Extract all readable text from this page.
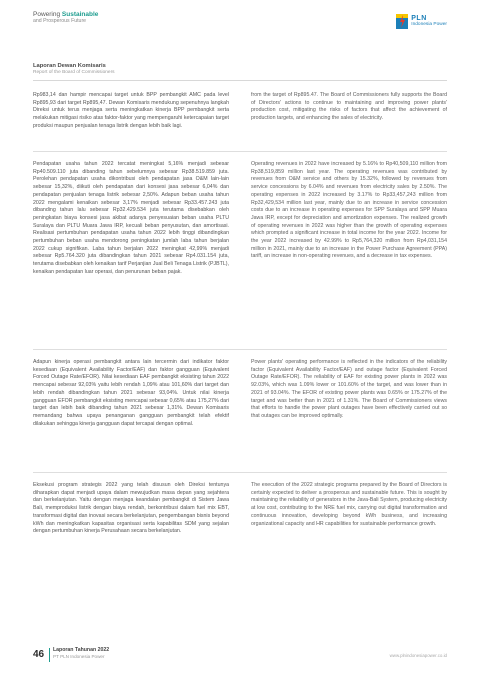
Powering Sustainable
and Prosperous Future	PLN
Indonesia Power
Laporan Dewan Komisaris
Report of the Board of Commissioners

Rp983,14 dan hampir mencapai target untuk BPP pembangkit AMC pada level Rp895,93 dari target Rp895,47. Dewan Komisaris mendukung sepenuhnya langkah Direksi untuk terus menjaga serta meningkatkan kinerja BPP pembangkit serta melakukan mitigasi risiko atas faktor-faktor yang mempengaruhi ketercapaian target produksi maupun penjualan tenaga listrik dengan lebih baik lagi.

from the target of Rp895.47. The Board of Commissioners fully supports the Board of Directors' actions to continue to maintaining and improving power plants' production cost, mitigating the risks of factors that affect the achievement of production targets, and enhancing the sales of electricity.

Pendapatan usaha tahun 2022 tercatat meningkat 5,16% menjadi sebesar Rp40.509.110 juta dibanding tahun sebelumnya sebesar Rp38.519.859 juta. Perolehan pendapatan usaha dikontribusi oleh pendapatan jasa O&M lain-lain sebesar 15,32%, diikuti oleh pendapatan dari konsesi jasa sebesar 6,04% dan pendapatan penjualan tenaga listrik sebesar 2,50%. Adapun beban usaha tahun 2022 mengalami kenaikan sebesar 3,17% menjadi sebesar Rp33.457.243 juta dibanding tahun lalu sebesar Rp32.429.534 juta terutama disebabkan oleh peningkatan biaya konsesi jasa akibat adanya penyesuaian beban usaha PLTU Suralaya dan PLTU Muara Jawa IRP, kecuali beban penyusutan, dan amortisasi. Realisasi pertumbuhan pendapatan usaha tahun 2022 lebih tinggi dibandingkan pertumbuhan beban usaha mendorong peningkatan jumlah laba tahun berjalan 2022 cukup signifikan. Laba tahun berjalan 2022 meningkat 42,99% menjadi sebesar Rp5.764.320 juta dibandingkan tahun 2021 sebesar Rp4.031.154 juta, terutama disebabkan oleh kenaikan tarif Perjanjian Jual Beli Tenaga Listrik (PJBTL), kenaikan pendapatan luar operasi, dan penurunan beban pajak.

Operating revenues in 2022 have increased by 5.16% to Rp40,509,110 million from Rp38,519,859 million last year. The operating revenues was contributed by revenues from O&M service and others by 15.32%, followed by revenues from service concessions by 6.04% and revenues from electricity sales by 2.50%. The operating expenses in 2022 increased by 3.17% to Rp33,457,243 million from Rp32,429,534 million last year, mainly due to an increase in service concession costs due to an increase in operating expenses for SPP Suralaya and SPP Muara Jawa IRP, except for depreciation and amortization expenses. The realized growth of operating revenues in 2022 was higher than the growth of operating expenses which prompted a significant increase in total income for the year 2022. Income for the year 2022 increased by 42.99% to Rp5,764,320 million from Rp4,031,154 million in 2021, mainly due to an increase in the Power Purchase Agreement (PPA) tariff, an increase in non-operating revenues, and a decrease in tax expenses.

Adapun kinerja operasi pembangkit antara lain tercermin dari indikator faktor kesediaan (Equivalent Availability Factor/EAF) dan faktor gangguan (Equivalent Forced Outage Rate/EFOR). Nilai kesediaan EAF pembangkit eksisting tahun 2022 mencapai sebesar 92,03% yaitu lebih rendah 1,09% atau 101,60% dari target dan lebih rendah dibandingkan tahun 2021 sebesar 93,04%. Untuk nilai kinerja gangguan EFOR pembangkit eksisting mencapai sebesar 0,65% atau 175,27% dari target dan lebih baik dibanding tahun 2021 sebesar 1,31%. Dewan Komisaris memandang bahwa upaya penanganan gangguan pembangkit telah efektif dilakukan sehingga kinerja gangguan dapat tercapai dengan optimal.

Power plants' operating performance is reflected in the indicators of the reliability factor (Equivalent Availability Factor/EAF) and outage factor (Equivalent Forced Outage Rate/EFOR). The reliability of EAF for existing power plants in 2022 was 92.03%, which was 1.09% lower or 101.60% of the target, and was lower than in 2021 of 93.04%. The EFOR of existing power plants was 0.65% or 175.27% of the target and was better than in 2021 of 1.31%. The Board of Commissioners views that efforts to handle the power plant outages have been effectively carried out so that outages can be improved optimally.

Eksekusi program strategis 2022 yang telah disusun oleh Direksi tentunya diharapkan dapat menjadi upaya dalam mewujudkan masa depan yang sejahtera dan berkelanjutan. Yaitu dengan menjaga keandalan pembangkit di Sistem Jawa Bali, memproduksi listrik dengan biaya rendah, berkontribusi dalam fuel mix EBT, transformasi digital dan inovasi secara berkelanjutan, pengembangan bisnis beyond kWh dan meningkatkan kapasitas organisasi serta kapabilitas SDM yang sejalan dengan pertumbuhan kinerja Perusahaan secara berkelanjutan.

The execution of the 2022 strategic programs prepared by the Board of Directors is certainly expected to deliver a prosperous and sustainable future. This is sought by maintaining the reliability of generators in the Java-Bali System, producing electricity at low cost, contributing to the NRE fuel mix, carrying out digital transformation and continuous innovation, developing beyond kWh business, and increasing organizational capacity and HR capabilities for sustainable performance growth.

46 Laporan Tahunan 2022
PT PLN Indonesia Power	www.plnindonesiapower.co.id
